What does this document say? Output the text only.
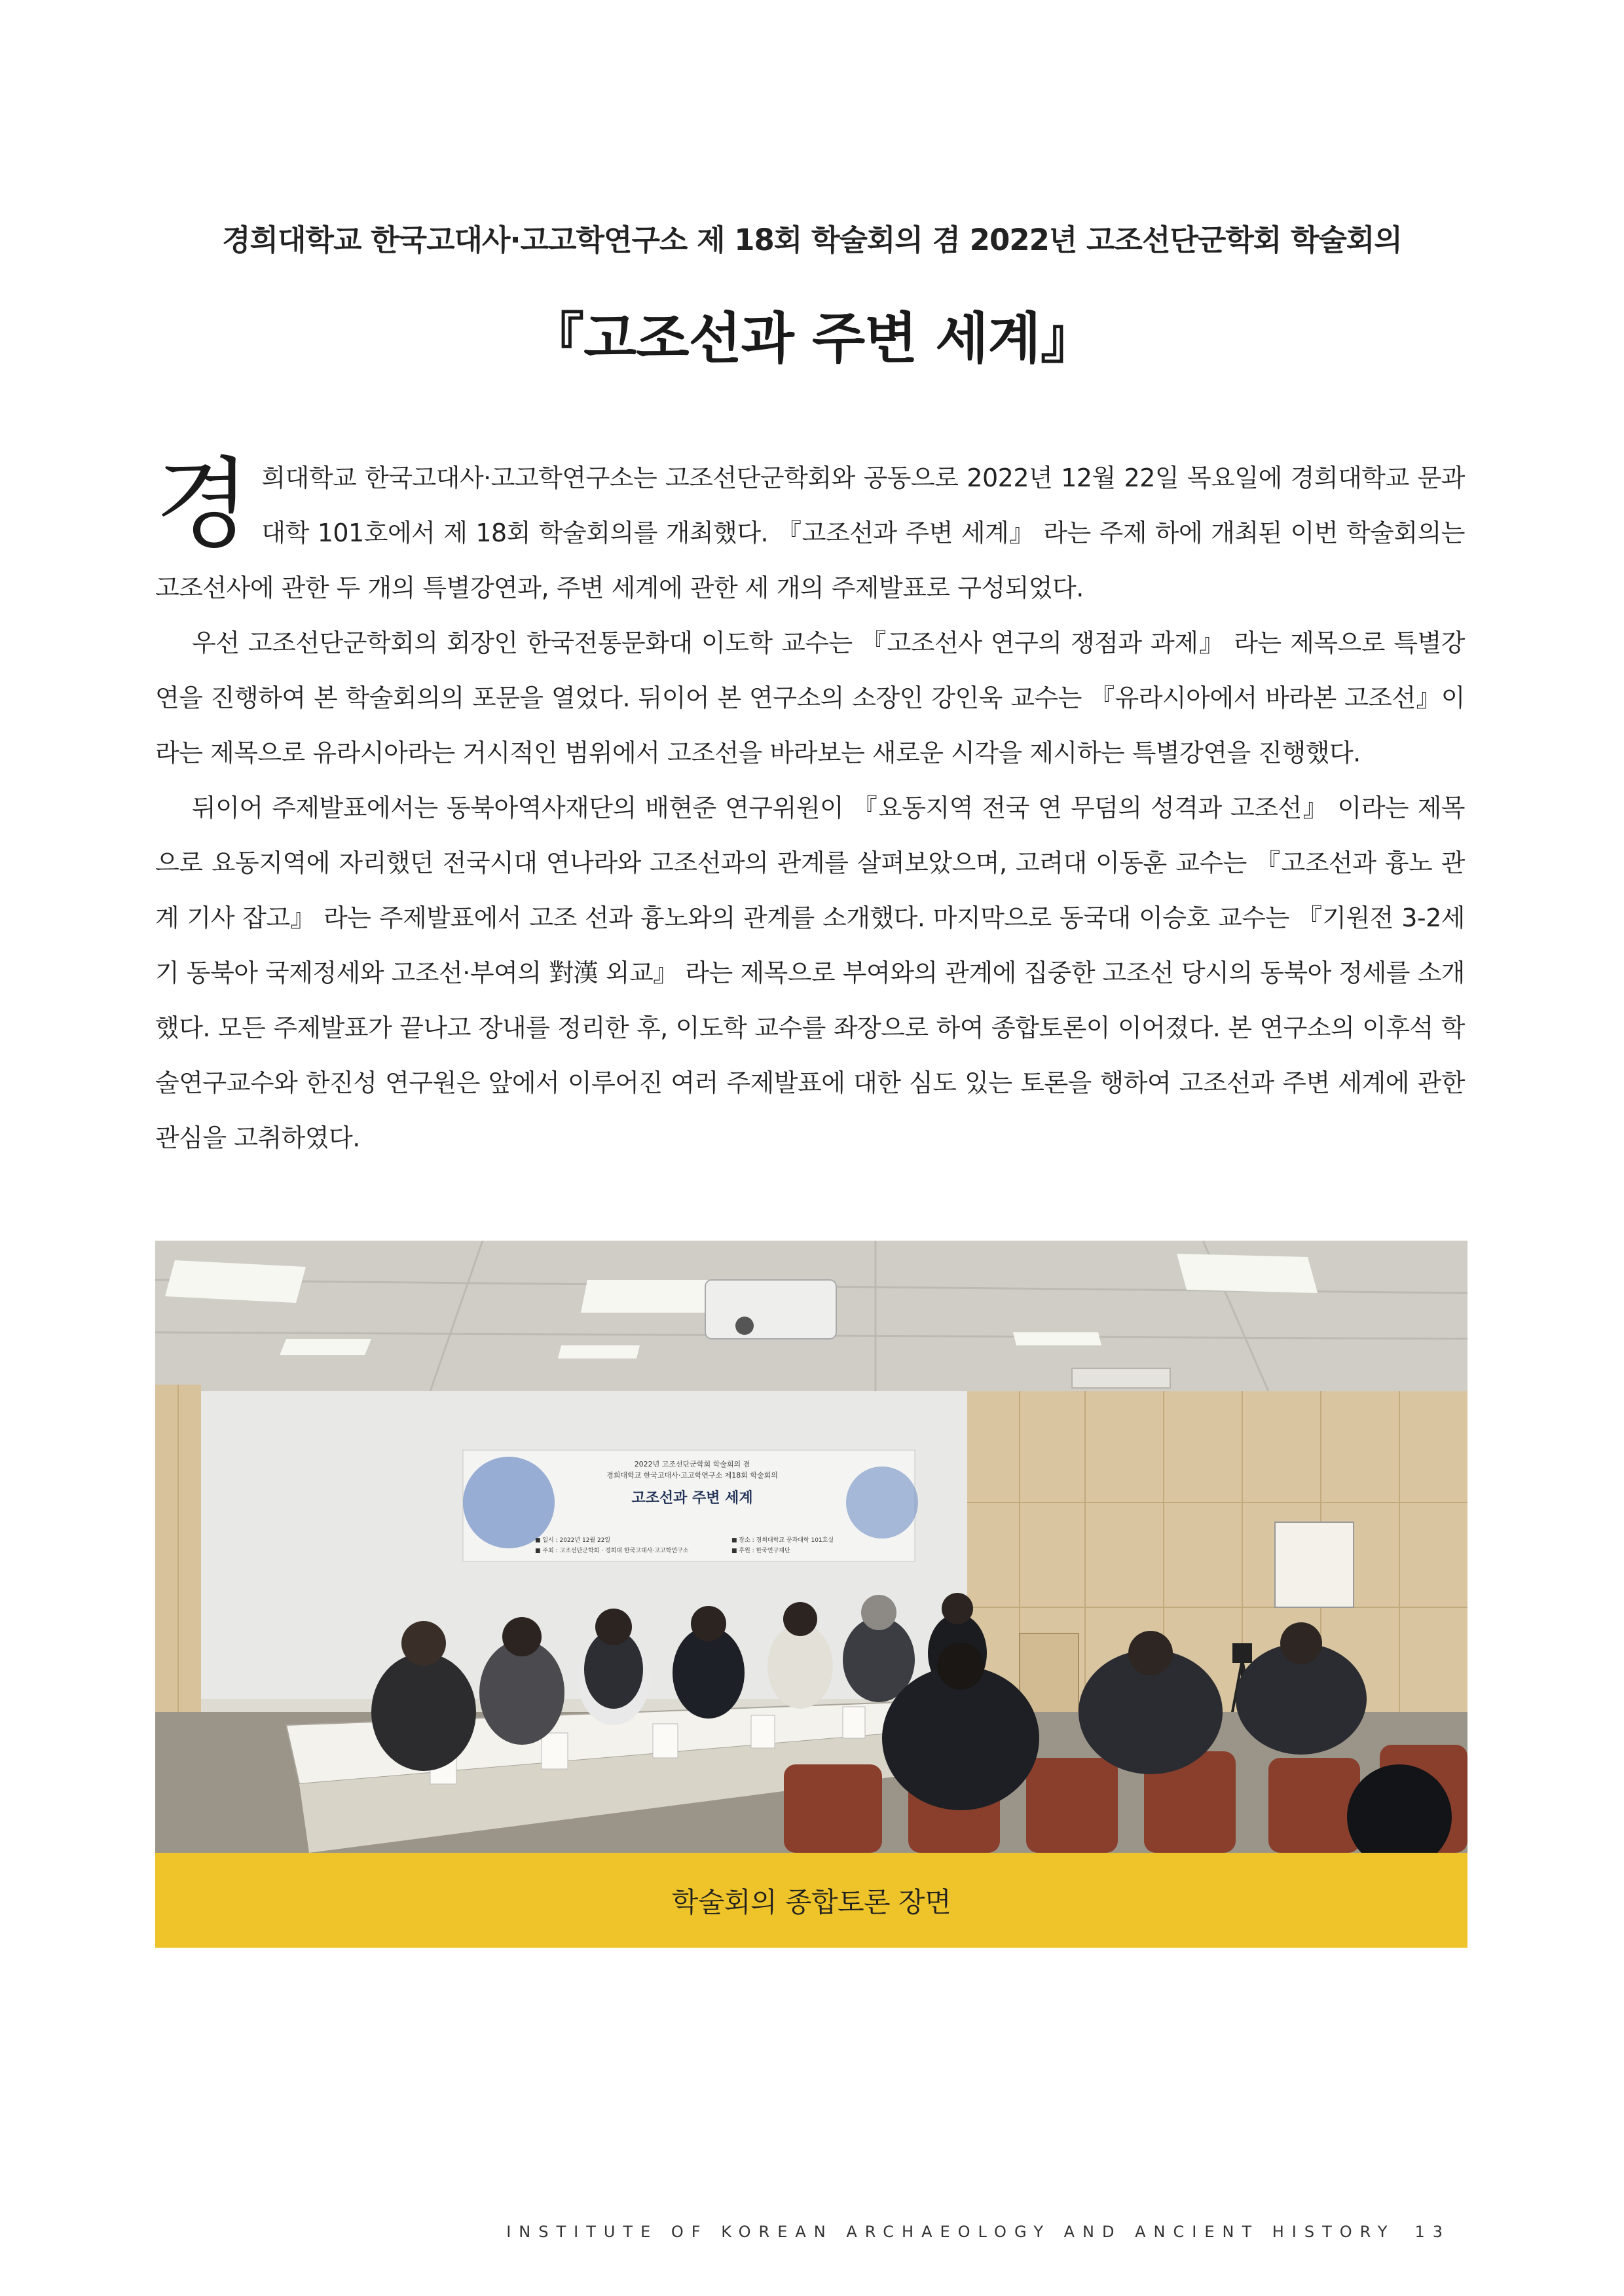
경희대학교 한국고대사·고고학연구소 제 18회 학술회의 겸 2022년 고조선단군학회 학술회의
『고조선과 주변 세계』

경희대학교 한국고대사·고고학연구소는 고조선단군학회와 공동으로 2022년 12월 22일 목요일에 경희대학교 문과대학 101호에서 제 18회 학술회의를 개최했다. 『고조선과 주변 세계』 라는 주제 하에 개최된 이번 학술회의는 고조선사에 관한 두 개의 특별강연과, 주변 세계에 관한 세 개의 주제발표로 구성되었다.

우선 고조선단군학회의 회장인 한국전통문화대 이도학 교수는 『고조선사 연구의 쟁점과 과제』 라는 제목으로 특별강연을 진행하여 본 학술회의의 포문을 열었다. 뒤이어 본 연구소의 소장인 강인욱 교수는 『유라시아에서 바라본 고조선』이라는 제목으로 유라시아라는 거시적인 범위에서 고조선을 바라보는 새로운 시각을 제시하는 특별강연을 진행했다.

뒤이어 주제발표에서는 동북아역사재단의 배현준 연구위원이 『요동지역 전국 연 무덤의 성격과 고조선』 이라는 제목으로 요동지역에 자리했던 전국시대 연나라와 고조선과의 관계를 살펴보았으며, 고려대 이동훈 교수는 『고조선과 흉노 관계 기사 잡고』 라는 주제발표에서 고조 선과 흉노와의 관계를 소개했다. 마지막으로 동국대 이승호 교수는 『기원전 3-2세기 동북아 국제정세와 고조선·부여의 對漢 외교』 라는 제목으로 부여와의 관계에 집중한 고조선 당시의 동북아 정세를 소개했다. 모든 주제발표가 끝나고 장내를 정리한 후, 이도학 교수를 좌장으로 하여 종합토론이 이어졌다. 본 연구소의 이후석 학술연구교수와 한진성 연구원은 앞에서 이루어진 여러 주제발표에 대한 심도 있는 토론을 행하여 고조선과 주변 세계에 관한 관심을 고취하였다.

2022년 고조선단군학회 학술회의 겸
경희대학교 한국고대사·고고학연구소 제18회 학술회의
고조선과 주변 세계
■ 일시 : 2022년 12월 22일
■ 주최 : 고조선단군학회 · 경희대 한국고대사·고고학연구소
■ 장소 : 경희대학교 문과대학 101호실
■ 후원 : 한국연구재단
학술회의 종합토론 장면
INSTITUTE OF KOREAN ARCHAEOLOGY AND ANCIENT HISTORY 13
